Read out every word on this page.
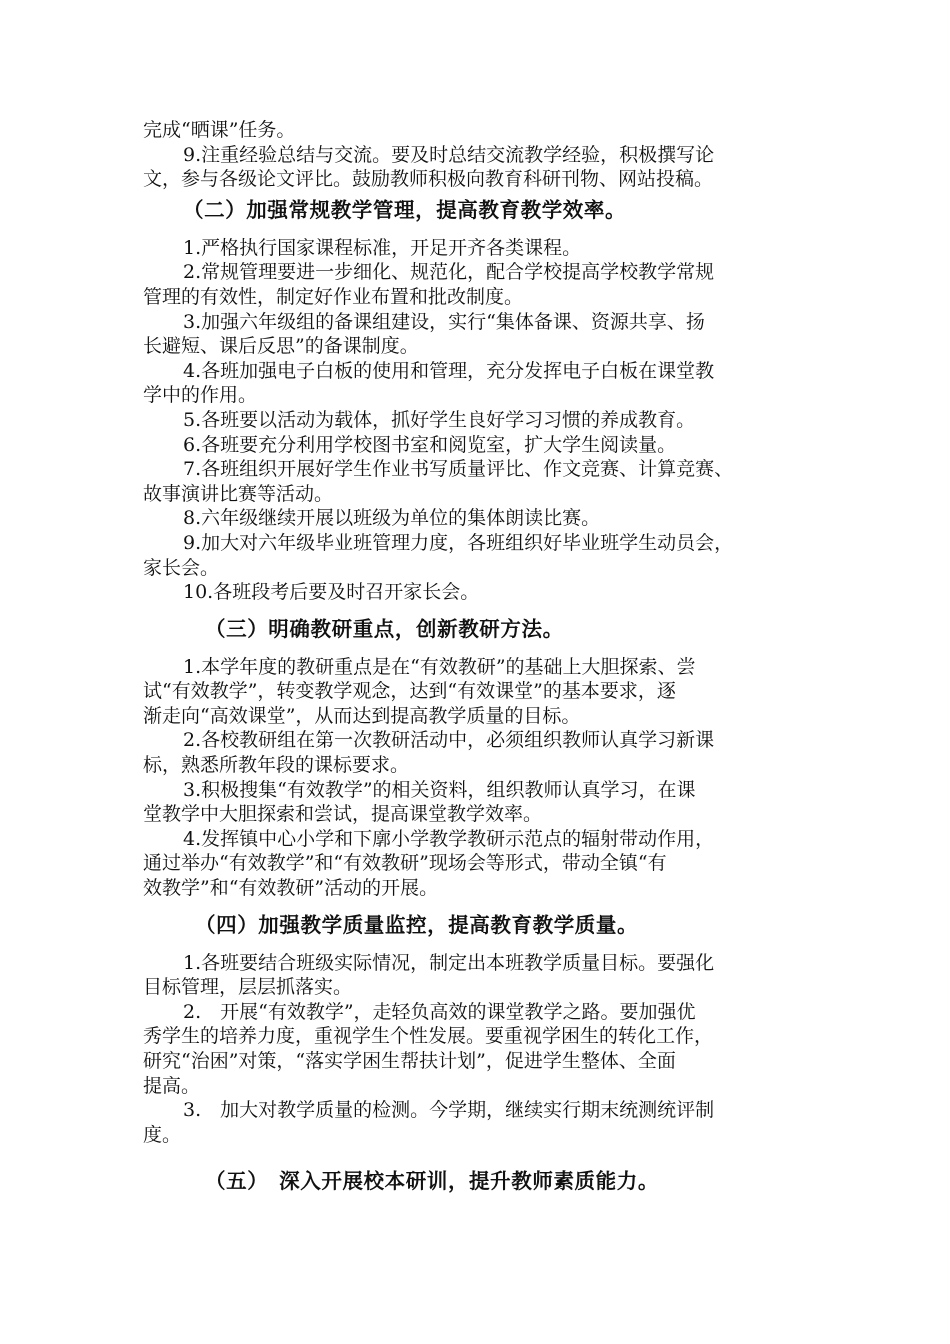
完成“晒课”任务。

9.注重经验总结与交流。要及时总结交流教学经验，积极撰写论

文，参与各级论文评比。鼓励教师积极向教育科研刊物、网站投稿。

（二）加强常规教学管理，提高教育教学效率。

1.严格执行国家课程标准，开足开齐各类课程。

2.常规管理要进一步细化、规范化，配合学校提高学校教学常规

管理的有效性，制定好作业布置和批改制度。

3.加强六年级组的备课组建设，实行“集体备课、资源共享、扬

长避短、课后反思”的备课制度。

4.各班加强电子白板的使用和管理，充分发挥电子白板在课堂教

学中的作用。

5.各班要以活动为载体，抓好学生良好学习习惯的养成教育。

6.各班要充分利用学校图书室和阅览室，扩大学生阅读量。

7.各班组织开展好学生作业书写质量评比、作文竞赛、计算竞赛、

故事演讲比赛等活动。

8.六年级继续开展以班级为单位的集体朗读比赛。

9.加大对六年级毕业班管理力度，各班组织好毕业班学生动员会，

家长会。

10.各班段考后要及时召开家长会。

（三）明确教研重点，创新教研方法。

1.本学年度的教研重点是在“有效教研”的基础上大胆探索、尝

试“有效教学”，转变教学观念，达到“有效课堂”的基本要求，逐

渐走向“高效课堂”，从而达到提高教学质量的目标。

2.各校教研组在第一次教研活动中，必须组织教师认真学习新课

标，熟悉所教年段的课标要求。

3.积极搜集“有效教学”的相关资料，组织教师认真学习，在课

堂教学中大胆探索和尝试，提高课堂教学效率。

4.发挥镇中心小学和下廓小学教学教研示范点的辐射带动作用，

通过举办“有效教学”和“有效教研”现场会等形式，带动全镇“有

效教学”和“有效教研”活动的开展。

（四）加强教学质量监控，提高教育教学质量。

1.各班要结合班级实际情况，制定出本班教学质量目标。要强化

目标管理，层层抓落实。

2.　开展“有效教学”，走轻负高效的课堂教学之路。要加强优

秀学生的培养力度，重视学生个性发展。要重视学困生的转化工作，

研究“治困”对策，“落实学困生帮扶计划”，促进学生整体、全面

提高。

3.　加大对教学质量的检测。今学期，继续实行期末统测统评制

度。

（五）　深入开展校本研训，提升教师素质能力。
